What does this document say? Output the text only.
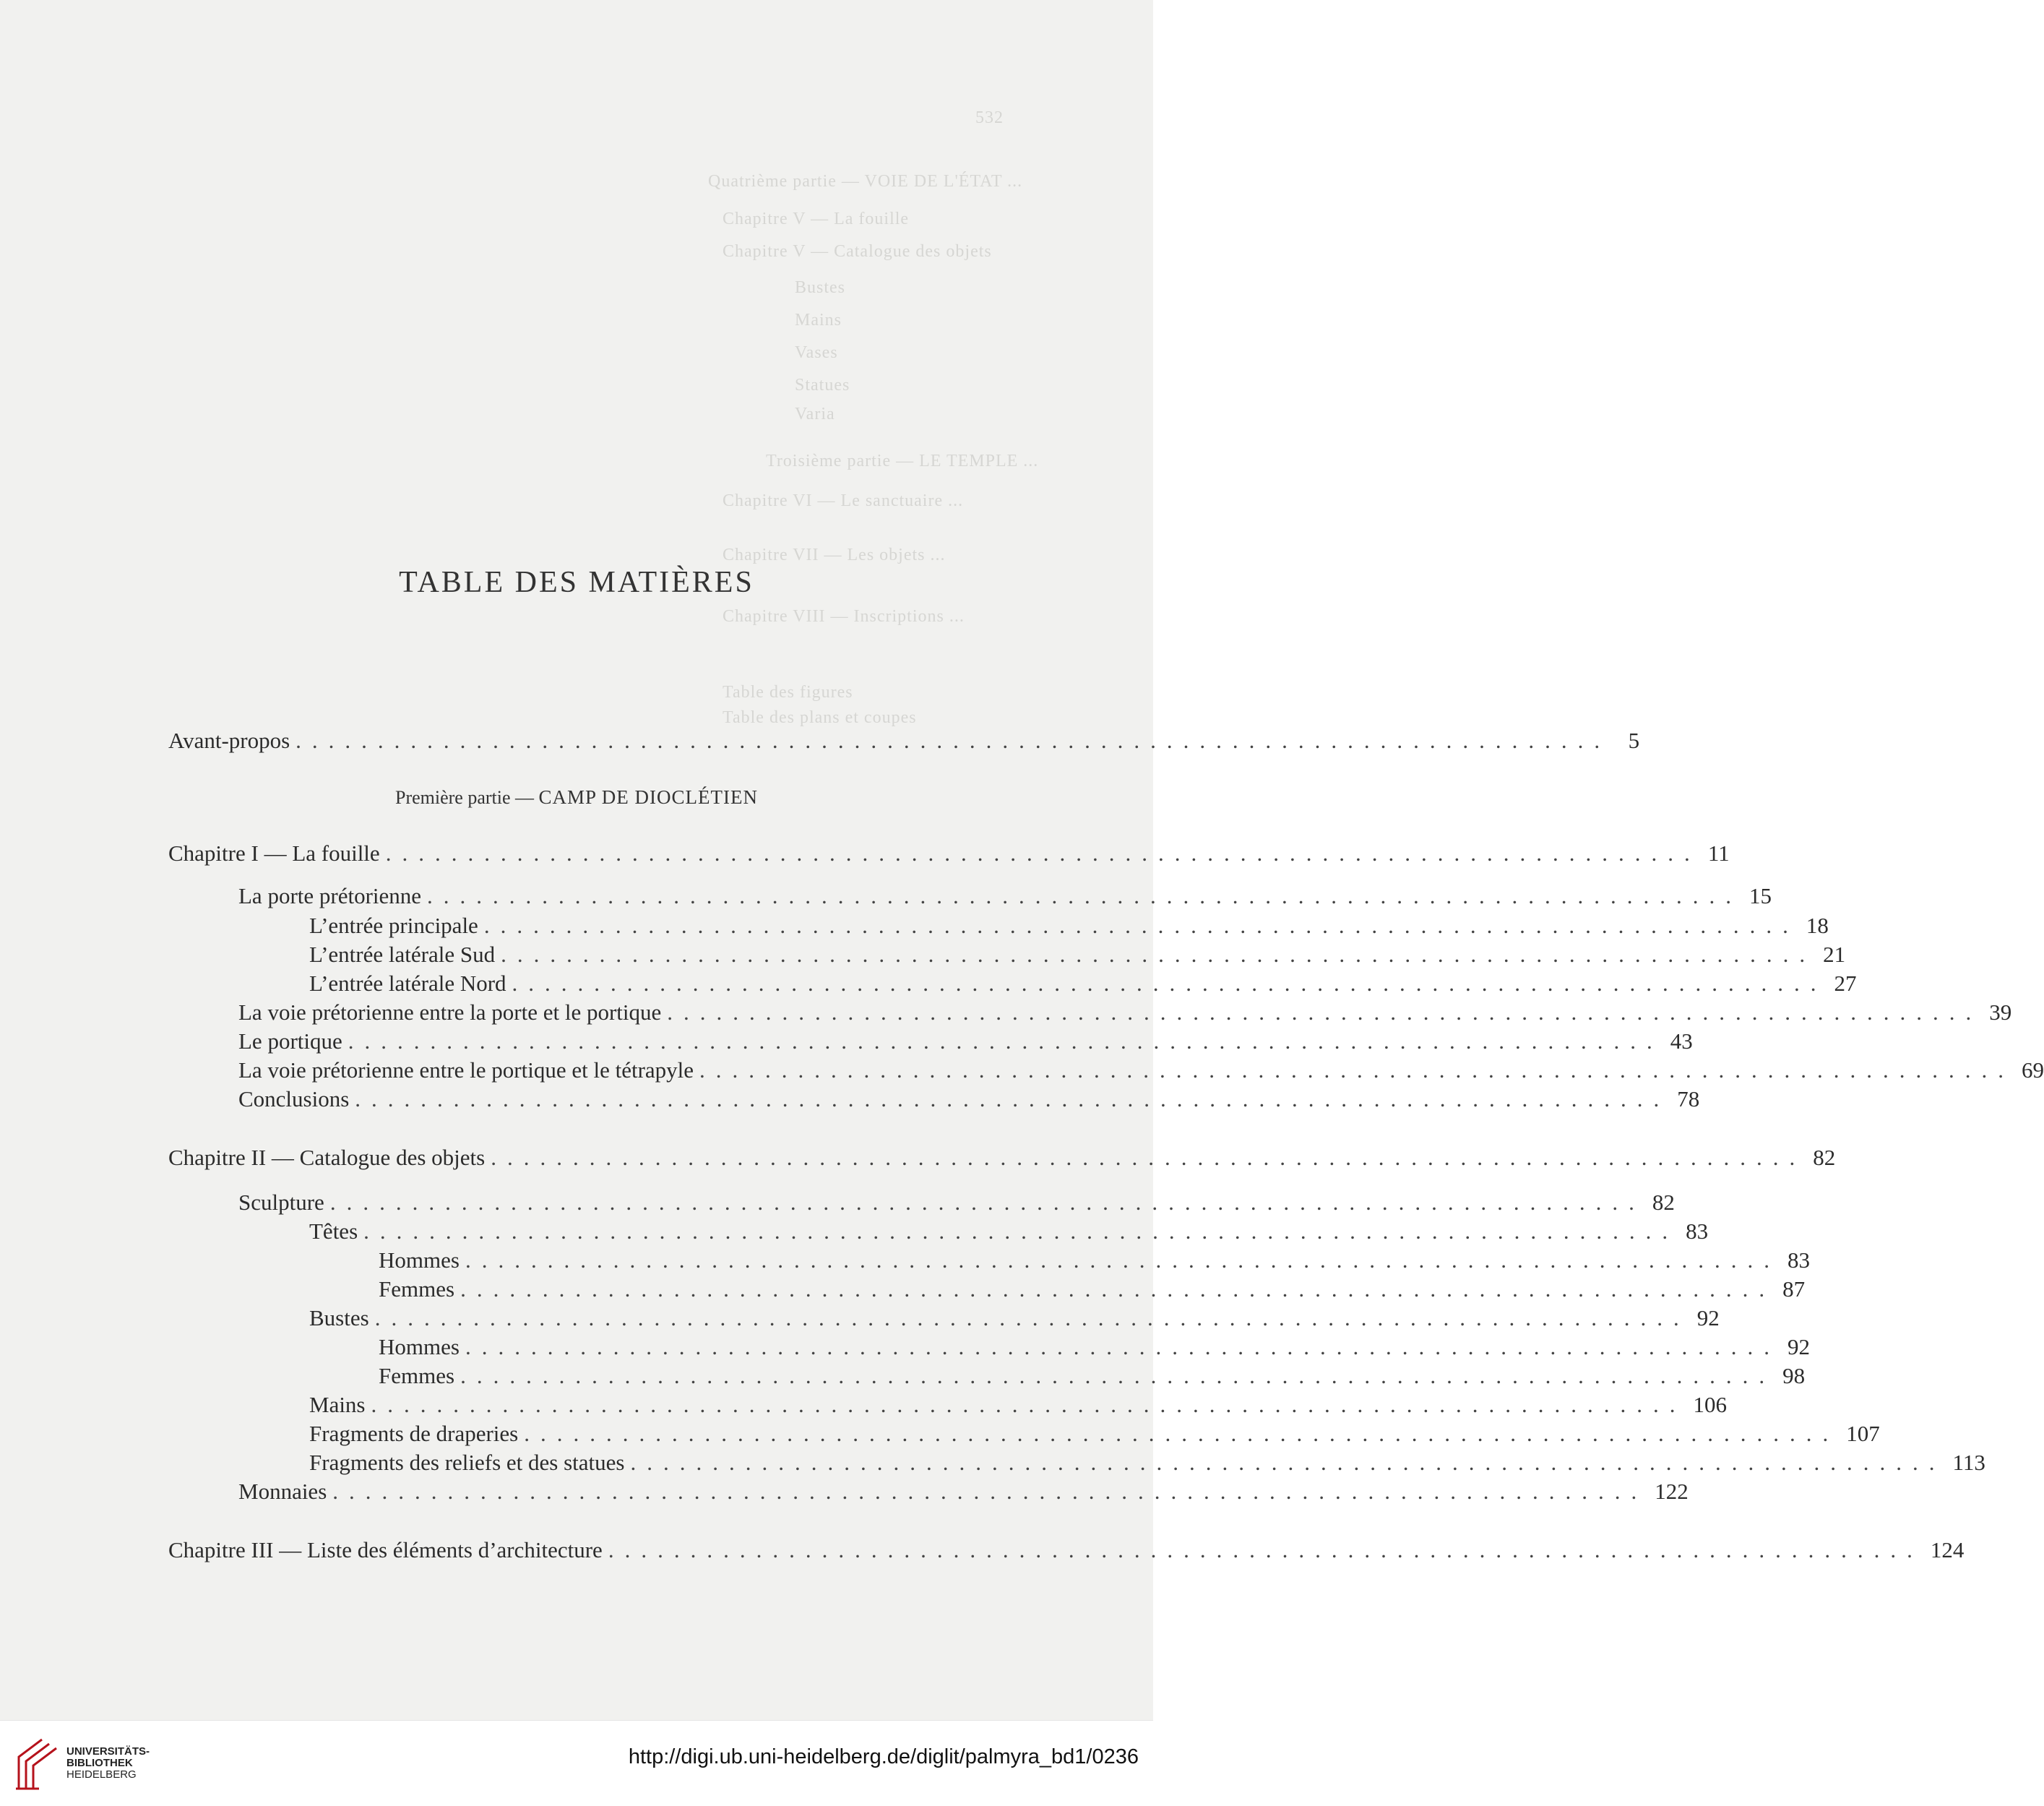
532
Quatrième partie — VOIE DE L'ÉTAT ...
Chapitre V — La fouille
Chapitre V — Catalogue des objets
Bustes
Mains
Vases
Statues
Varia
Troisième partie — LE TEMPLE ...
Chapitre VI — Le sanctuaire ...
Chapitre VII — Les objets ...
Chapitre VIII — Inscriptions ...
Table des figures
Table des plans et coupes
TABLE DES MATIÈRES
Avant-propos ................................................................................ 5
Première partie — CAMP DE DIOCLÉTIEN
Chapitre I — La fouille ................................................................................ 11
La porte prétorienne ................................................................................ 15
L’entrée principale ................................................................................ 18
L’entrée latérale Sud ................................................................................ 21
L’entrée latérale Nord ................................................................................ 27
La voie prétorienne entre la porte et le portique ................................................................................ 39
Le portique ................................................................................ 43
La voie prétorienne entre le portique et le tétrapyle ................................................................................ 69
Conclusions ................................................................................ 78
Chapitre II — Catalogue des objets ................................................................................ 82
Sculpture ................................................................................ 82
Têtes ................................................................................ 83
Hommes ................................................................................ 83
Femmes ................................................................................ 87
Bustes ................................................................................ 92
Hommes ................................................................................ 92
Femmes ................................................................................ 98
Mains ................................................................................ 106
Fragments de draperies ................................................................................ 107
Fragments des reliefs et des statues ................................................................................ 113
Monnaies ................................................................................ 122
Chapitre III — Liste des éléments d’architecture ................................................................................ 124
UNIVERSITÄTS-
BIBLIOTHEK
HEIDELBERG
http://digi.ub.uni-heidelberg.de/diglit/palmyra_bd1/0236
